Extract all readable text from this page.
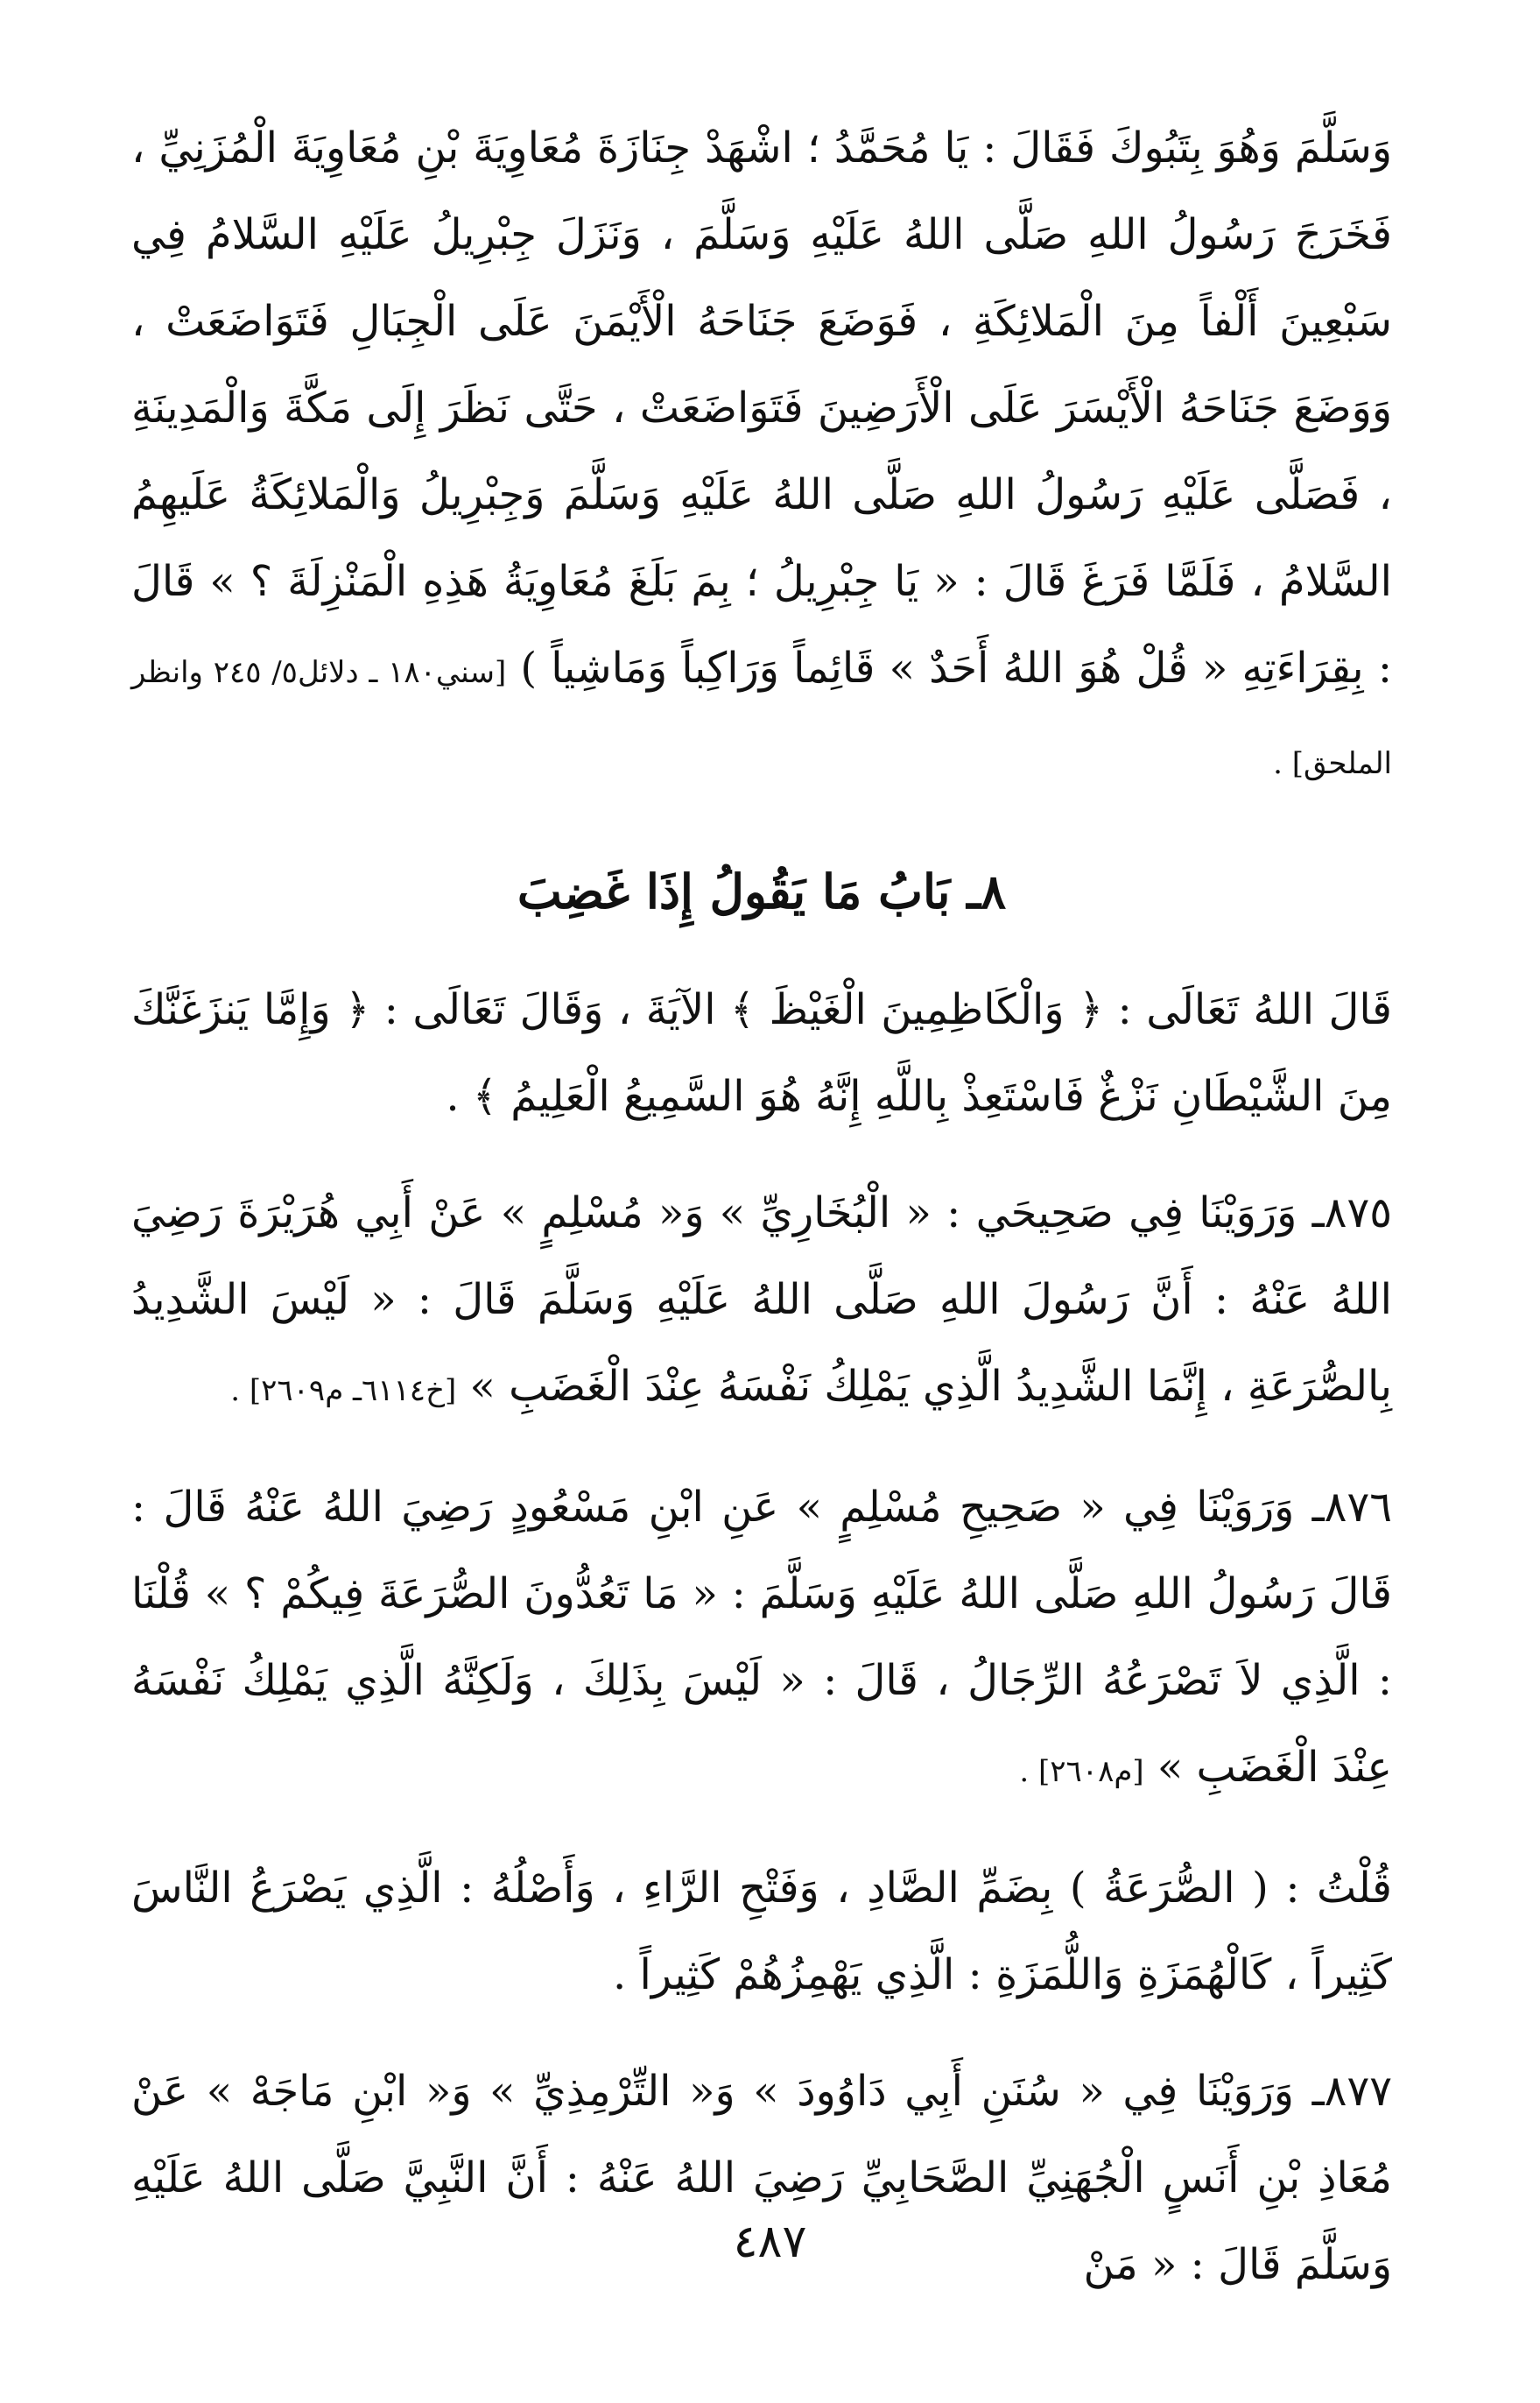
وَسَلَّمَ وَهُوَ بِتَبُوكَ فَقَالَ : يَا مُحَمَّدُ ؛ اشْهَدْ جِنَازَةَ مُعَاوِيَةَ بْنِ مُعَاوِيَةَ الْمُزَنِيِّ ، فَخَرَجَ رَسُولُ اللهِ صَلَّى اللهُ عَلَيْهِ وَسَلَّمَ ، وَنَزَلَ جِبْرِيلُ عَلَيْهِ السَّلامُ فِي سَبْعِينَ أَلْفاً مِنَ الْمَلائِكَةِ ، فَوَضَعَ جَنَاحَهُ الْأَيْمَنَ عَلَى الْجِبَالِ فَتَوَاضَعَتْ ، وَوَضَعَ جَنَاحَهُ الْأَيْسَرَ عَلَى الْأَرَضِينَ فَتَوَاضَعَتْ ، حَتَّى نَظَرَ إِلَى مَكَّةَ وَالْمَدِينَةِ ، فَصَلَّى عَلَيْهِ رَسُولُ اللهِ صَلَّى اللهُ عَلَيْهِ وَسَلَّمَ وَجِبْرِيلُ وَالْمَلائِكَةُ عَلَيهِمُ السَّلامُ ، فَلَمَّا فَرَغَ قَالَ : « يَا جِبْرِيلُ ؛ بِمَ بَلَغَ مُعَاوِيَةُ هَذِهِ الْمَنْزِلَةَ ؟ » قَالَ : بِقِرَاءَتِهِ « قُلْ هُوَ اللهُ أَحَدٌ » قَائِماً وَرَاكِباً وَمَاشِياً ) [سني١٨٠ ـ دلائل٥/ ٢٤٥ وانظر الملحق] .

٨ـ بَابُ مَا يَقُولُ إِذَا غَضِبَ

قَالَ اللهُ تَعَالَى : ﴿ وَالْكَاظِمِينَ الْغَيْظَ ﴾ الآيَةَ ، وَقَالَ تَعَالَى : ﴿ وَإِمَّا يَنزَغَنَّكَ مِنَ الشَّيْطَانِ نَزْغٌ فَاسْتَعِذْ بِاللَّهِ إِنَّهُ هُوَ السَّمِيعُ الْعَلِيمُ ﴾ .

٨٧٥ـ وَرَوَيْنَا فِي صَحِيحَي : « الْبُخَارِيِّ » وَ« مُسْلِمٍ » عَنْ أَبِي هُرَيْرَةَ رَضِيَ اللهُ عَنْهُ : أَنَّ رَسُولَ اللهِ صَلَّى اللهُ عَلَيْهِ وَسَلَّمَ قَالَ : « لَيْسَ الشَّدِيدُ بِالصُّرَعَةِ ، إِنَّمَا الشَّدِيدُ الَّذِي يَمْلِكُ نَفْسَهُ عِنْدَ الْغَضَبِ » [خ٦١١٤ـ م٢٦٠٩] .

٨٧٦ـ وَرَوَيْنَا فِي « صَحِيحِ مُسْلِمٍ » عَنِ ابْنِ مَسْعُودٍ رَضِيَ اللهُ عَنْهُ قَالَ : قَالَ رَسُولُ اللهِ صَلَّى اللهُ عَلَيْهِ وَسَلَّمَ : « مَا تَعُدُّونَ الصُّرَعَةَ فِيكُمْ ؟ » قُلْنَا : الَّذِي لاَ تَصْرَعُهُ الرِّجَالُ ، قَالَ : « لَيْسَ بِذَلِكَ ، وَلَكِنَّهُ الَّذِي يَمْلِكُ نَفْسَهُ عِنْدَ الْغَضَبِ » [م٢٦٠٨] .

قُلْتُ : ( الصُّرَعَةُ ) بِضَمِّ الصَّادِ ، وَفَتْحِ الرَّاءِ ، وَأَصْلُهُ : الَّذِي يَصْرَعُ النَّاسَ كَثِيراً ، كَالْهُمَزَةِ وَاللُّمَزَةِ : الَّذِي يَهْمِزُهُمْ كَثِيراً .

٨٧٧ـ وَرَوَيْنَا فِي « سُنَنِ أَبِي دَاوُودَ » وَ« التِّرْمِذِيِّ » وَ« ابْنِ مَاجَهْ » عَنْ مُعَاذِ بْنِ أَنَسٍ الْجُهَنِيِّ الصَّحَابِيِّ رَضِيَ اللهُ عَنْهُ : أَنَّ النَّبِيَّ صَلَّى اللهُ عَلَيْهِ وَسَلَّمَ قَالَ : « مَنْ

٤٨٧
